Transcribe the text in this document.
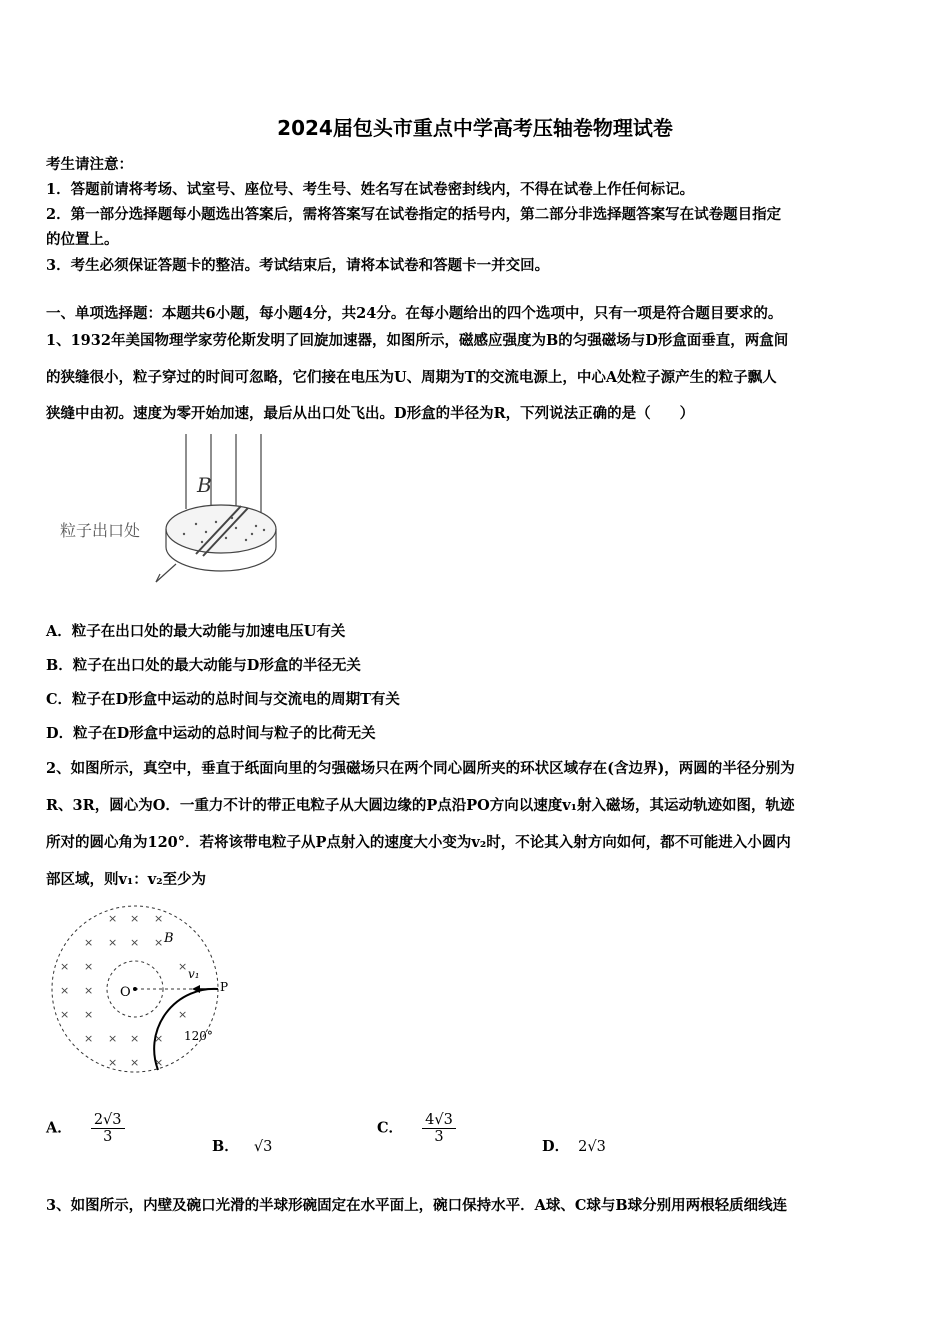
2024届包头市重点中学高考压轴卷物理试卷
考生请注意：
1．答题前请将考场、试室号、座位号、考生号、姓名写在试卷密封线内，不得在试卷上作任何标记。
2．第一部分选择题每小题选出答案后，需将答案写在试卷指定的括号内，第二部分非选择题答案写在试卷题目指定
的位置上。
3．考生必须保证答题卡的整洁。考试结束后，请将本试卷和答题卡一并交回。
一、单项选择题：本题共6小题，每小题4分，共24分。在每小题给出的四个选项中，只有一项是符合题目要求的。
1、1932年美国物理学家劳伦斯发明了回旋加速器，如图所示，磁感应强度为B的匀强磁场与D形盒面垂直，两盒间
的狭缝很小，粒子穿过的时间可忽略，它们接在电压为U、周期为T的交流电源上，中心A处粒子源产生的粒子飘人
狭缝中由初。速度为零开始加速，最后从出口处飞出。D形盒的半径为R，下列说法正确的是（　　）
B
粒子出口处
A．粒子在出口处的最大动能与加速电压U有关
B．粒子在出口处的最大动能与D形盒的半径无关
C．粒子在D形盒中运动的总时间与交流电的周期T有关
D．粒子在D形盒中运动的总时间与粒子的比荷无关
2、如图所示，真空中，垂直于纸面向里的匀强磁场只在两个同心圆所夹的环状区域存在(含边界)，两圆的半径分别为
R、3R，圆心为O．一重力不计的带正电粒子从大圆边缘的P点沿PO方向以速度v₁射入磁场，其运动轨迹如图，轨迹
所对的圆心角为120°．若将该带电粒子从P点射入的速度大小变为v₂时，不论其入射方向如何，都不可能进入小圆内
部区域，则v₁：v₂至少为
× × ×
× × × ×
× ×	×
× ×
× ×	×
× × × ×
× × ×
B
O	P
v₁
120°
A． $\frac{2√3}{3}$
B． √3
C． $\frac{4√3}{3}$
D． 2√3
3、如图所示，内壁及碗口光滑的半球形碗固定在水平面上，碗口保持水平．A球、C球与B球分别用两根轻质细线连
